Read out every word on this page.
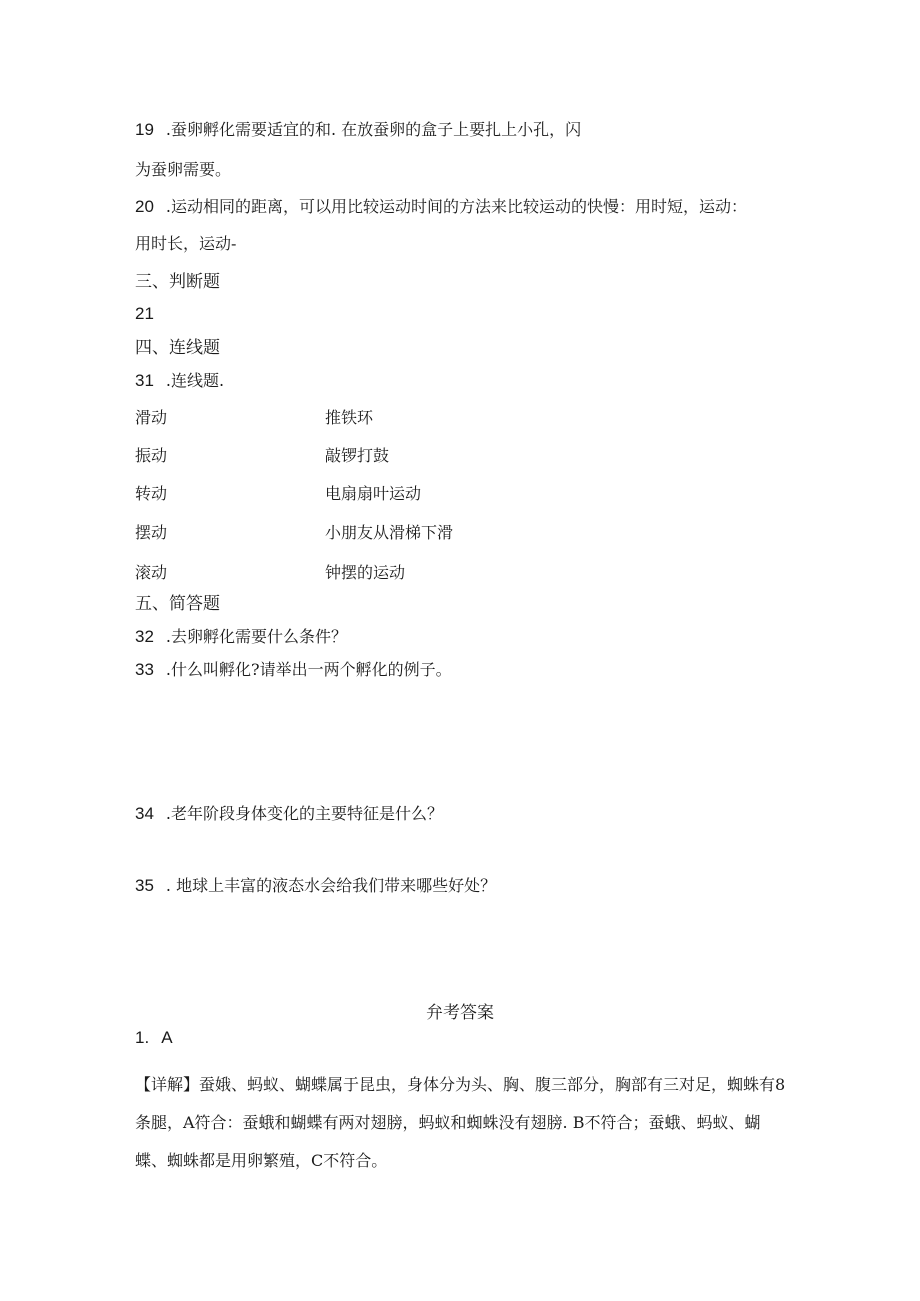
19 .蚕卵孵化需要适宜的和. 在放蚕卵的盒子上要扎上小孔，闪
为蚕卵需要。
20 .运动相同的距离，可以用比较运动时间的方法来比较运动的快慢：用时短，运动：
用时长，运动-
三、判断题
21
四、连线题
31 .连线题.
滑动	推铁环
振动	敲锣打鼓
转动	电扇扇叶运动
摆动	小朋友从滑梯下滑
滚动	钟摆的运动
五、简答题
32 .去卵孵化需要什么条件？
33 .什么叫孵化?请举出一两个孵化的例子。
34 .老年阶段身体变化的主要特征是什么？
35 . 地球上丰富的液态水会给我们带来哪些好处？
弁考答案
1. A
【详解】蚕娥、蚂蚁、蝴蝶属于昆虫，身体分为头、胸、腹三部分，胸部有三对足，蜘蛛有8条腿，A符合：蚕蛾和蝴蝶有两对翅膀，蚂蚁和蜘蛛没有翅膀. B不符合；蚕蛾、蚂蚁、蝴蝶、蜘蛛都是用卵繁殖，C不符合。
